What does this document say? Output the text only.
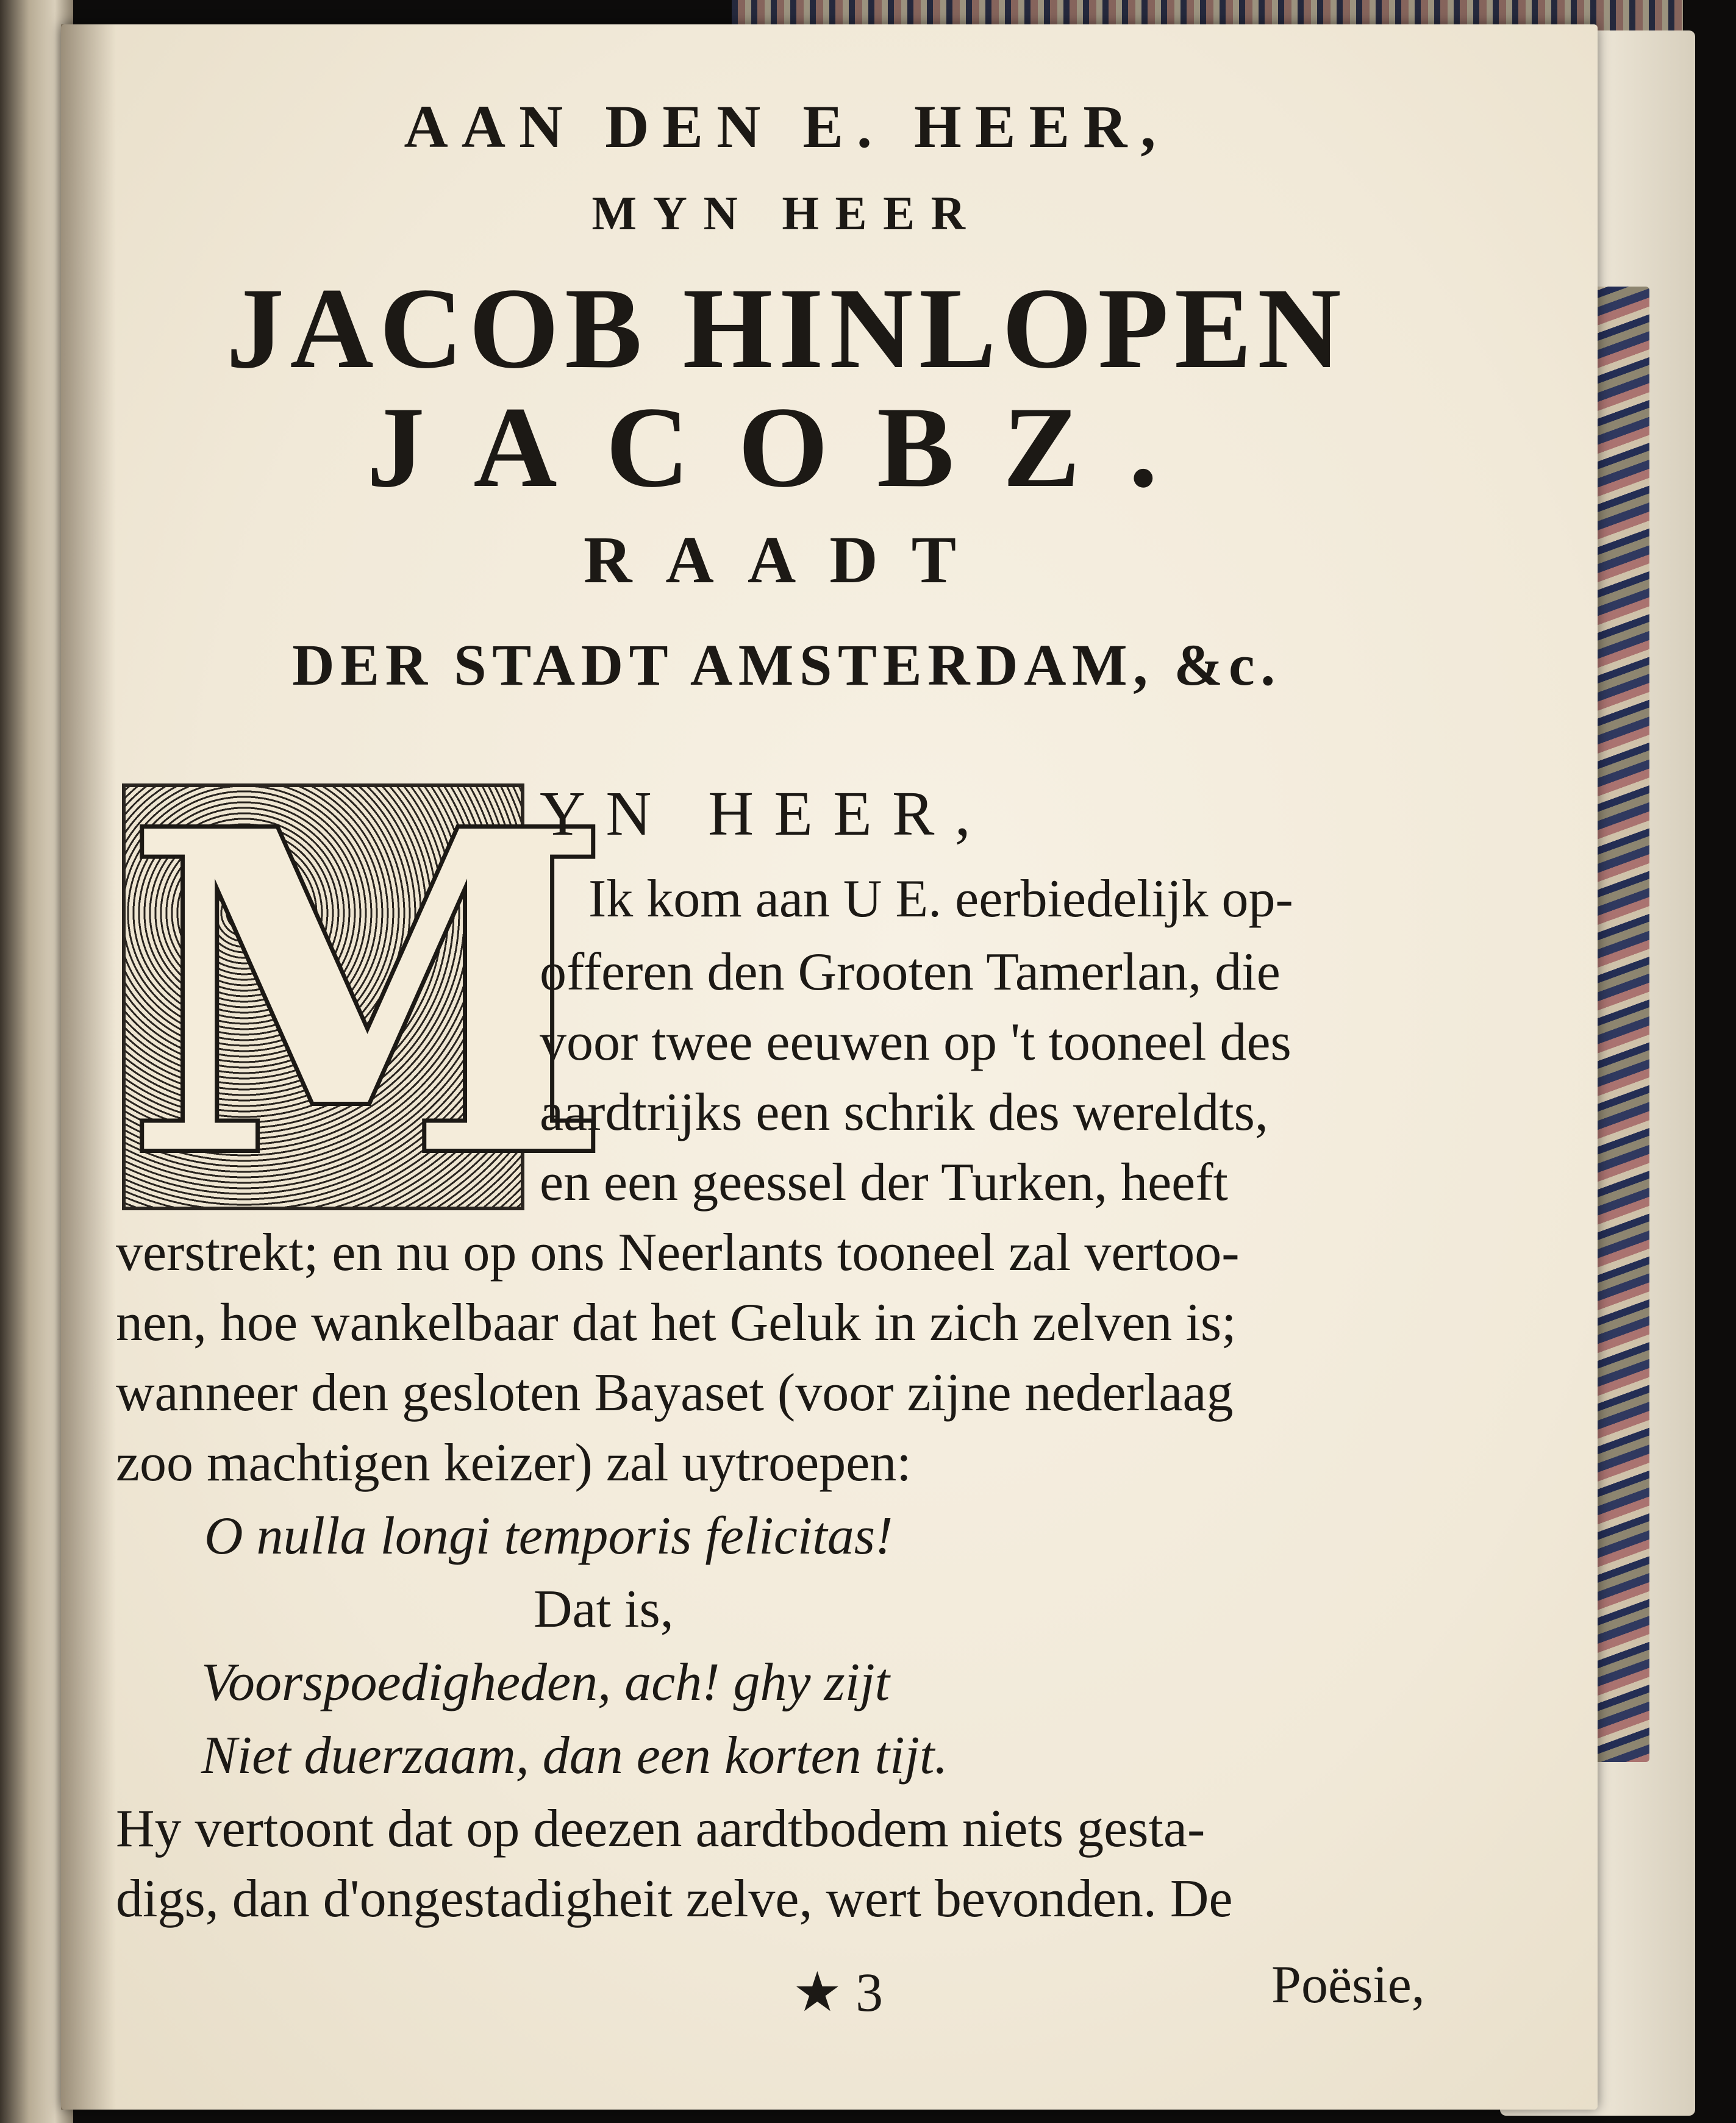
AAN DEN E. HEER,

MYN HEER

JACOB HINLOPEN

JACOBZ.

RAADT

DER STADT AMSTERDAM, &c.

M

YN HEER,

Ik kom aan U E. eerbiedelijk op-

offeren den Grooten Tamerlan, die

voor twee eeuwen op 't tooneel des

aardtrijks een schrik des wereldts,

en een geessel der Turken, heeft

verstrekt; en nu op ons Neerlants tooneel zal vertoo-

nen, hoe wankelbaar dat het Geluk in zich zelven is;

wanneer den gesloten Bayaset (voor zijne nederlaag

zoo machtigen keizer) zal uytroepen:

O nulla longi temporis felicitas!

Dat is,

Voorspoedigheden, ach! ghy zijt

Niet duerzaam, dan een korten tijt.

Hy vertoont dat op deezen aardtbodem niets gesta-

digs, dan d'ongestadigheit zelve, wert bevonden. De

★ 3	Poësie,
